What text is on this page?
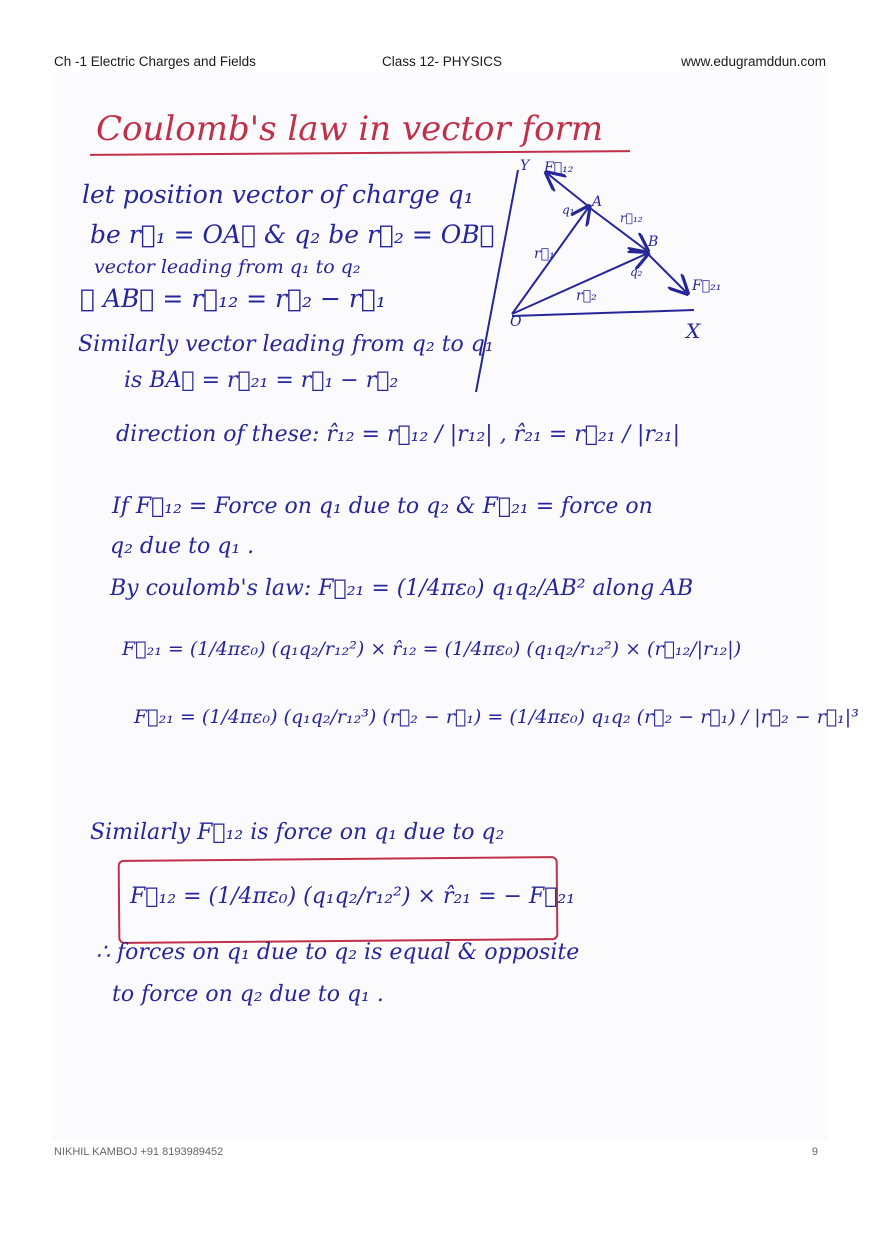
Ch -1 Electric Charges and Fields	Class 12- PHYSICS	www.edugramddun.com
Coulomb's law in vector form

let position vector of charge q₁

be r⃗₁ = OA⃗ & q₂ be r⃗₂ = OB⃗

vector leading from q₁ to q₂

∴ AB⃗ = r⃗₁₂ = r⃗₂ − r⃗₁

Similarly vector leading from q₂ to q₁

is BA⃗ = r⃗₂₁ = r⃗₁ − r⃗₂

Y
X
O
A
B
q₁
q₂
r⃗₁
r⃗₂
r⃗₁₂
F⃗₁₂
F⃗₂₁

direction of these: r̂₁₂ = r⃗₁₂ / |r₁₂| , r̂₂₁ = r⃗₂₁ / |r₂₁|

If F⃗₁₂ = Force on q₁ due to q₂ & F⃗₂₁ = force on

q₂ due to q₁ .

By coulomb's law: F⃗₂₁ = (1/4πε₀) q₁q₂/AB² along AB

F⃗₂₁ = (1/4πε₀) (q₁q₂/r₁₂²) × r̂₁₂ = (1/4πε₀) (q₁q₂/r₁₂²) × (r⃗₁₂/|r₁₂|)

F⃗₂₁ = (1/4πε₀) (q₁q₂/r₁₂³) (r⃗₂ − r⃗₁) = (1/4πε₀) q₁q₂ (r⃗₂ − r⃗₁) / |r⃗₂ − r⃗₁|³

Similarly F⃗₁₂ is force on q₁ due to q₂

F⃗₁₂ = (1/4πε₀) (q₁q₂/r₁₂²) × r̂₂₁ = − F⃗₂₁

∴ forces on q₁ due to q₂ is equal & opposite

to force on q₂ due to q₁ .

NIKHIL KAMBOJ +91 8193989452	9
